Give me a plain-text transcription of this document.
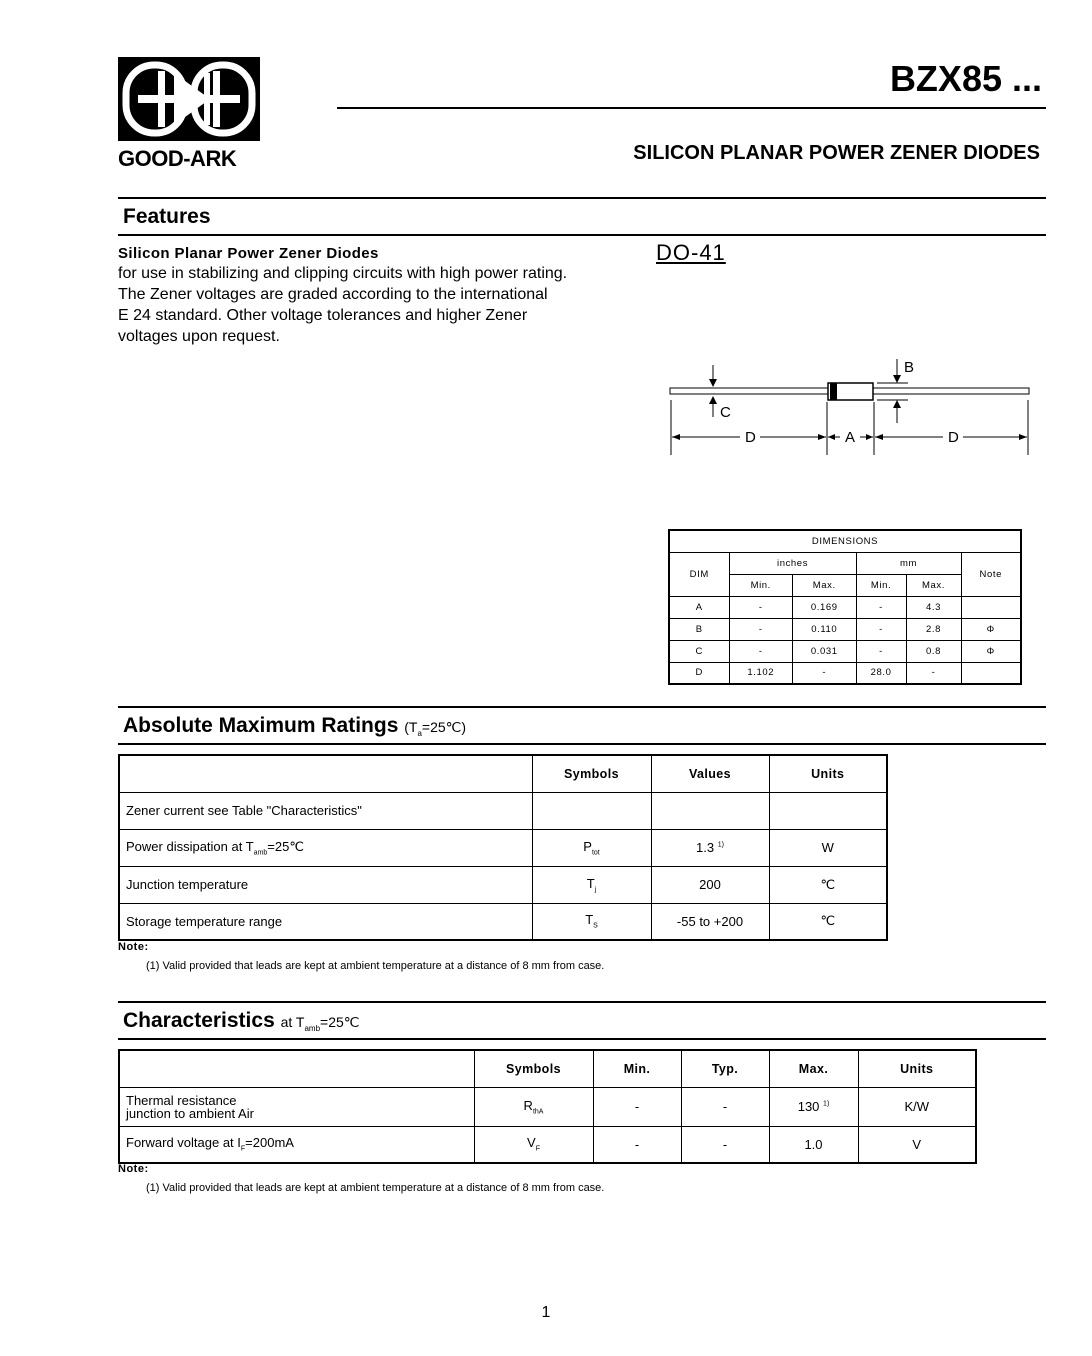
GOOD-ARK
BZX85 ...
SILICON PLANAR POWER ZENER DIODES
Features
Silicon Planar Power Zener Diodes
for use in stabilizing and clipping circuits with high power rating.
The Zener voltages are graded according to the international
E 24 standard. Other voltage tolerances and higher Zener
voltages upon request.
DO-41
C
B
D	A	D
DIMENSIONS					
DIM	inches		mm		Note
	Min.	Max.	Min.	Max.	
A	-	0.169	-	4.3	
B	-	0.110	-	2.8	Φ
C	-	0.031	-	0.8	Φ
D	1.102	-	28.0	-	
Absolute Maximum Ratings $(T_a=25℃)$
	Symbols	Values	Units
Zener current see Table "Characteristics"			
Power dissipation at $T_{amb}=25℃$	$P_{tot}$	1.3 $^{1)}$	W
Junction temperature	$T_j$	200	℃
Storage temperature range	$T_S$	-55 to +200	℃
Note:
(1) Valid provided that leads are kept at ambient temperature at a distance of 8 mm from case.
Characteristics at $T_{amb}=25℃$
	Symbols	Min.	Typ.	Max.	Units

Thermal resistance
junction to ambient Air	$R_{thA}$	-	-	130 $^{1)}$	K/W
Forward voltage at $I_F=200mA$	$V_F$	-	-	1.0	V
Note:
(1) Valid provided that leads are kept at ambient temperature at a distance of 8 mm from case.
1
